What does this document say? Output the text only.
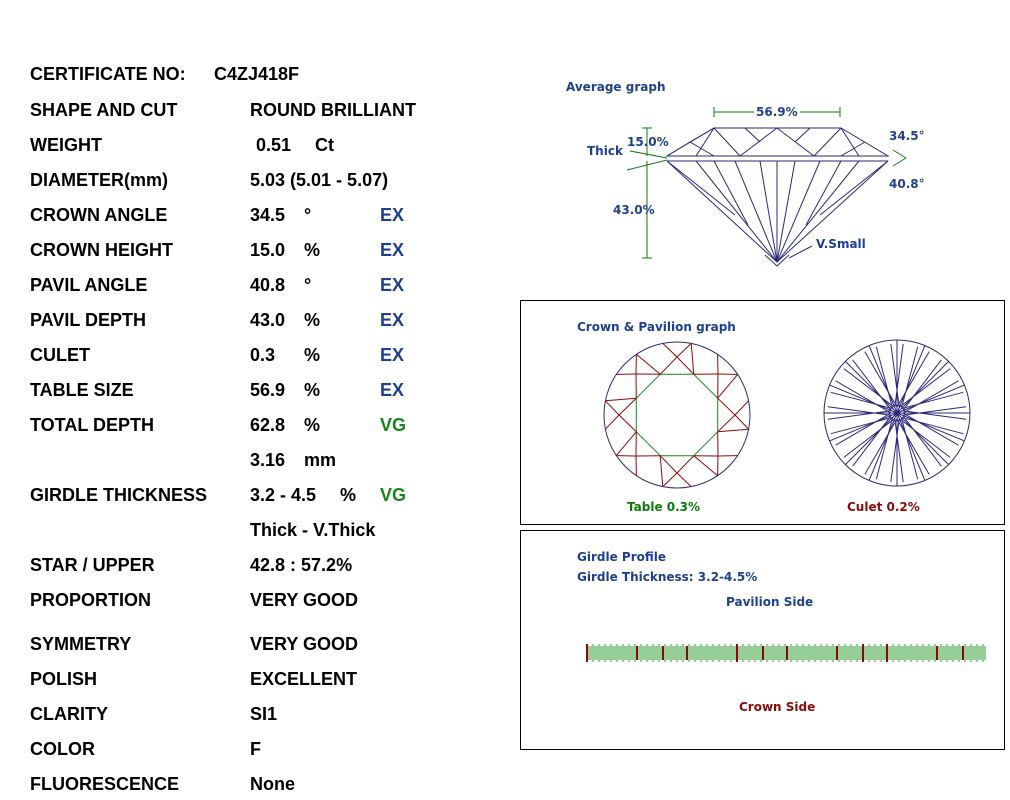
CERTIFICATE NO: C4ZJ418F
SHAPE AND CUT	ROUND BRILLIANT
WEIGHT	0.51 Ct
DIAMETER(mm)	5.03 (5.01 - 5.07)
CROWN ANGLE	34.5 °	EX
CROWN HEIGHT	15.0 %	EX
PAVIL ANGLE	40.8 °	EX
PAVIL DEPTH	43.0 %	EX
CULET	0.3 %	EX
TABLE SIZE	56.9 %	EX
TOTAL DEPTH	62.8 %	VG
3.16 mm
GIRDLE THICKNESS 3.2 - 4.5 % VG
Thick - V.Thick
STAR / UPPER	42.8 : 57.2%
PROPORTION	VERY GOOD
SYMMETRY	VERY GOOD
POLISH	EXCELLENT
CLARITY	SI1
COLOR	F
FLUORESCENCE	None
Average graph
56.9%
15.0%
Thick
43.0%
34.5°
40.8°
V.Small
Crown & Pavilion graph
Table 0.3%	Culet 0.2%
Girdle Profile
Girdle Thickness: 3.2-4.5%
Pavilion Side
Crown Side
